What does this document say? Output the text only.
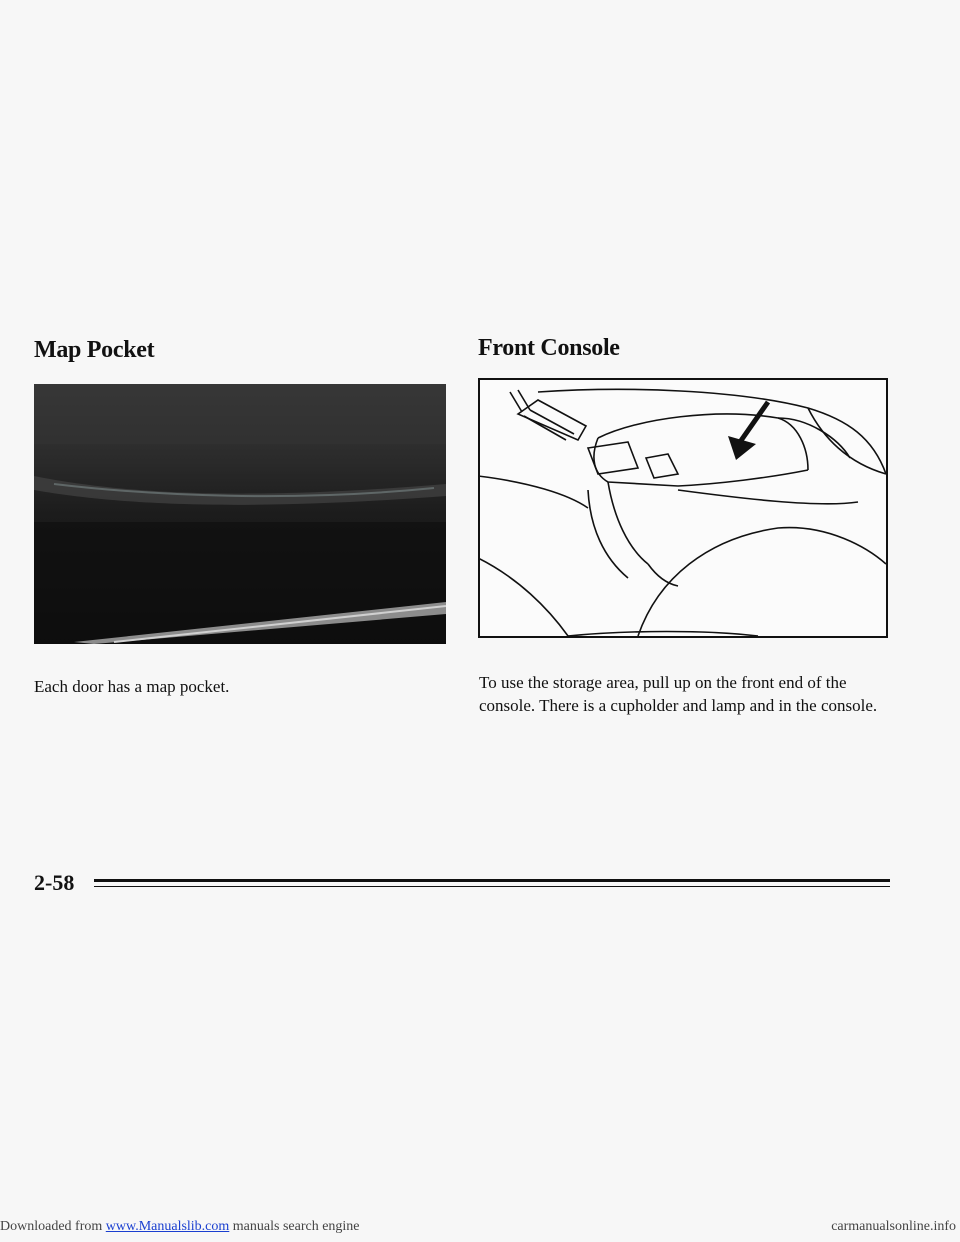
Map Pocket	Front Console

Each door has a map pocket.	To use the storage area, pull up on the front end of the console. There is a cupholder and lamp and in the console.

2-58
Downloaded from www.Manualslib.com manuals search engine	carmanualsonline.info
